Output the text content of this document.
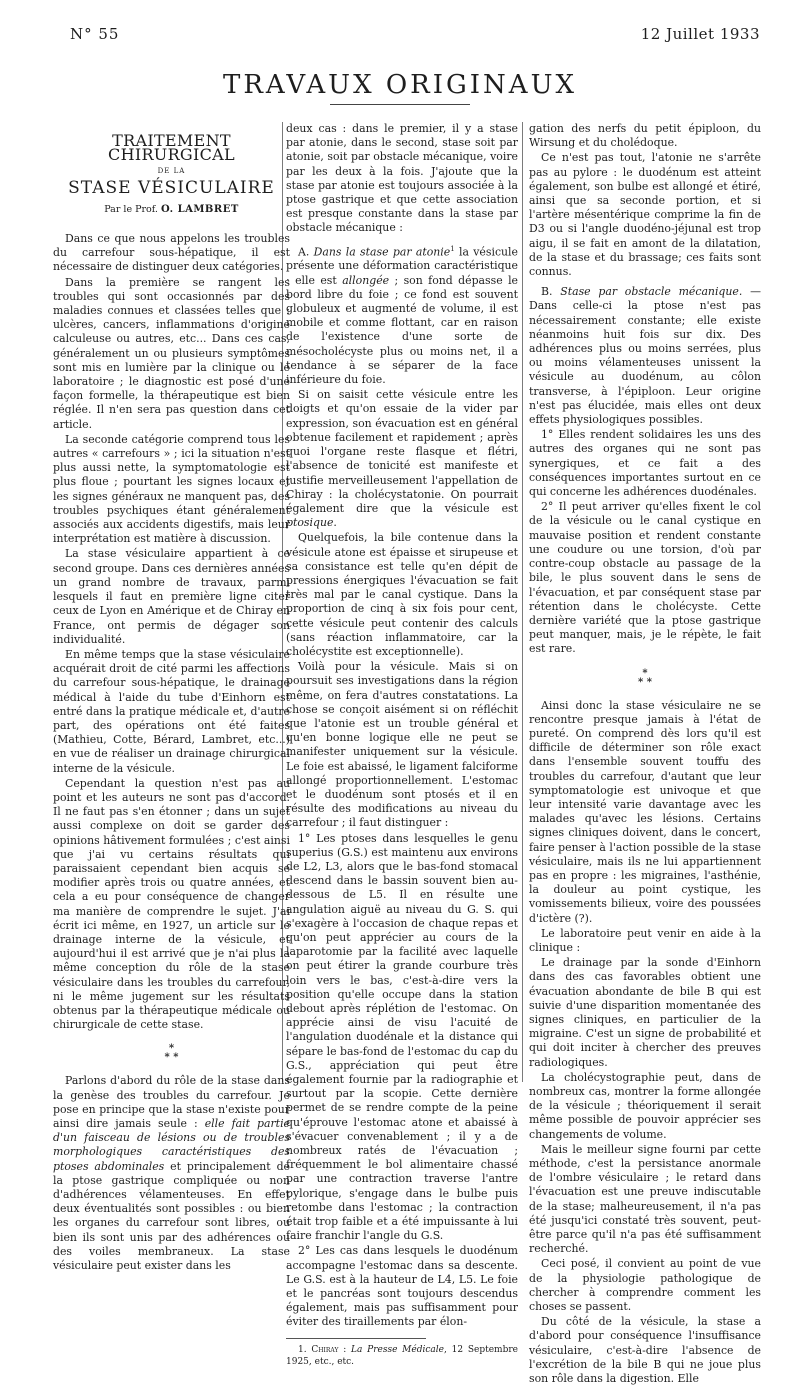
N° 55	12 Juillet 1933
TRAVAUX ORIGINAUX
TRAITEMENT CHIRURGICAL
DE LA
STASE VÉSICULAIRE
Par le Prof. O. LAMBRET

Dans ce que nous appelons les troubles du carrefour sous-hépatique, il est nécessaire de distinguer deux catégories.

Dans la première se rangent les troubles qui sont occasionnés par des maladies connues et classées telles que : ulcères, cancers, inflammations d'origine calculeuse ou autres, etc... Dans ces cas, généralement un ou plusieurs symptômes sont mis en lumière par la clinique ou le laboratoire ; le diagnostic est posé d'une façon formelle, la thérapeutique est bien réglée. Il n'en sera pas question dans cet article.

La seconde catégorie comprend tous les autres « carrefours » ; ici la situation n'est plus aussi nette, la symptomatologie est plus floue ; pourtant les signes locaux et les signes généraux ne manquent pas, des troubles psychiques étant généralement associés aux accidents digestifs, mais leur interprétation est matière à discussion.

La stase vésiculaire appartient à ce second groupe. Dans ces dernières années un grand nombre de travaux, parmi lesquels il faut en première ligne citer ceux de Lyon en Amérique et de Chiray en France, ont permis de dégager son individualité.

En même temps que la stase vésiculaire acquérait droit de cité parmi les affections du carrefour sous-hépatique, le drainage médical à l'aide du tube d'Einhorn est entré dans la pratique médicale et, d'autre part, des opérations ont été faites (Mathieu, Cotte, Bérard, Lambret, etc...) en vue de réaliser un drainage chirurgical interne de la vésicule.

Cependant la question n'est pas au point et les auteurs ne sont pas d'accord. Il ne faut pas s'en étonner ; dans un sujet aussi complexe on doit se garder des opinions hâtivement formulées ; c'est ainsi que j'ai vu certains résultats qui paraissaient cependant bien acquis se modifier après trois ou quatre années, et cela a eu pour conséquence de changer ma manière de comprendre le sujet. J'ai écrit ici même, en 1927, un article sur le drainage interne de la vésicule, et aujourd'hui il est arrivé que je n'ai plus la même conception du rôle de la stase vésiculaire dans les troubles du carrefour, ni le même jugement sur les résultats obtenus par la thérapeutique médicale ou chirurgicale de cette stase.

*
* *

Parlons d'abord du rôle de la stase dans la genèse des troubles du carrefour. Je pose en principe que la stase n'existe pour ainsi dire jamais seule : elle fait partie d'un faisceau de lésions ou de troubles morphologiques caractéristiques des ptoses abdominales et principalement de la ptose gastrique compliquée ou non d'adhérences vélamenteuses. En effet deux éventualités sont possibles : ou bien les organes du carrefour sont libres, ou bien ils sont unis par des adhérences ou des voiles membraneux. La stase vésiculaire peut exister dans les

deux cas : dans le premier, il y a stase par atonie, dans le second, stase soit par atonie, soit par obstacle mécanique, voire par les deux à la fois. J'ajoute que la stase par atonie est toujours associée à la ptose gastrique et que cette association est presque constante dans la stase par obstacle mécanique :

A. Dans la stase par atonie$^1$ la vésicule présente une déformation caractéristique : elle est allongée ; son fond dépasse le bord libre du foie ; ce fond est souvent globuleux et augmenté de volume, il est mobile et comme flottant, car en raison de l'existence d'une sorte de mésocholécyste plus ou moins net, il a tendance à se séparer de la face inférieure du foie.

Si on saisit cette vésicule entre les doigts et qu'on essaie de la vider par expression, son évacuation est en général obtenue facilement et rapidement ; après quoi l'organe reste flasque et flétri, l'absence de tonicité est manifeste et justifie merveilleusement l'appellation de Chiray : la cholécystatonie. On pourrait également dire que la vésicule est ptosique.

Quelquefois, la bile contenue dans la vésicule atone est épaisse et sirupeuse et sa consistance est telle qu'en dépit de pressions énergiques l'évacuation se fait très mal par le canal cystique. Dans la proportion de cinq à six fois pour cent, cette vésicule peut contenir des calculs (sans réaction inflammatoire, car la cholécystite est exceptionnelle).

Voilà pour la vésicule. Mais si on poursuit ses investigations dans la région même, on fera d'autres constatations. La chose se conçoit aisément si on réfléchit que l'atonie est un trouble général et qu'en bonne logique elle ne peut se manifester uniquement sur la vésicule. Le foie est abaissé, le ligament falciforme allongé proportionnellement. L'estomac et le duodénum sont ptosés et il en résulte des modifications au niveau du carrefour ; il faut distinguer :

1° Les ptoses dans lesquelles le genu superius (G.S.) est maintenu aux environs de L2, L3, alors que le bas-fond stomacal descend dans le bassin souvent bien au-dessous de L5. Il en résulte une angulation aiguë au niveau du G. S. qui s'exagère à l'occasion de chaque repas et qu'on peut apprécier au cours de la laparotomie par la facilité avec laquelle on peut étirer la grande courbure très loin vers le bas, c'est-à-dire vers la position qu'elle occupe dans la station debout après réplétion de l'estomac. On apprécie ainsi de visu l'acuité de l'angulation duodénale et la distance qui sépare le bas-fond de l'estomac du cap du G.S., appréciation qui peut être également fournie par la radiographie et surtout par la scopie. Cette dernière permet de se rendre compte de la peine qu'éprouve l'estomac atone et abaissé à s'évacuer convenablement ; il y a de nombreux ratés de l'évacuation ; fréquemment le bol alimentaire chassé par une contraction traverse l'antre pylorique, s'engage dans le bulbe puis retombe dans l'estomac ; la contraction était trop faible et a été impuissante à lui faire franchir l'angle du G.S.

2° Les cas dans lesquels le duodénum accompagne l'estomac dans sa descente. Le G.S. est à la hauteur de L4, L5. Le foie et le pancréas sont toujours descendus également, mais pas suffisamment pour éviter des tiraillements par élon-

1. Chiray : La Presse Médicale, 12 Septembre 1925, etc., etc.

gation des nerfs du petit épiploon, du Wirsung et du cholédoque.

Ce n'est pas tout, l'atonie ne s'arrête pas au pylore : le duodénum est atteint également, son bulbe est allongé et étiré, ainsi que sa seconde portion, et si l'artère mésentérique comprime la fin de D3 ou si l'angle duodéno-jéjunal est trop aigu, il se fait en amont de la dilatation, de la stase et du brassage; ces faits sont connus.

B. Stase par obstacle mécanique. — Dans celle-ci la ptose n'est pas nécessairement constante; elle existe néanmoins huit fois sur dix. Des adhérences plus ou moins serrées, plus ou moins vélamenteuses unissent la vésicule au duodénum, au côlon transverse, à l'épiploon. Leur origine n'est pas élucidée, mais elles ont deux effets physiologiques possibles.

1° Elles rendent solidaires les uns des autres des organes qui ne sont pas synergiques, et ce fait a des conséquences importantes surtout en ce qui concerne les adhérences duodénales.

2° Il peut arriver qu'elles fixent le col de la vésicule ou le canal cystique en mauvaise position et rendent constante une coudure ou une torsion, d'où par contre-coup obstacle au passage de la bile, le plus souvent dans le sens de l'évacuation, et par conséquent stase par rétention dans le cholécyste. Cette dernière variété que la ptose gastrique peut manquer, mais, je le répète, le fait est rare.

*
* *

Ainsi donc la stase vésiculaire ne se rencontre presque jamais à l'état de pureté. On comprend dès lors qu'il est difficile de déterminer son rôle exact dans l'ensemble souvent touffu des troubles du carrefour, d'autant que leur symptomatologie est univoque et que leur intensité varie davantage avec les malades qu'avec les lésions. Certains signes cliniques doivent, dans le concert, faire penser à l'action possible de la stase vésiculaire, mais ils ne lui appartiennent pas en propre : les migraines, l'asthénie, la douleur au point cystique, les vomissements bilieux, voire des poussées d'ictère (?).

Le laboratoire peut venir en aide à la clinique :

Le drainage par la sonde d'Einhorn dans des cas favorables obtient une évacuation abondante de bile B qui est suivie d'une disparition momentanée des signes cliniques, en particulier de la migraine. C'est un signe de probabilité et qui doit inciter à chercher des preuves radiologiques.

La cholécystographie peut, dans de nombreux cas, montrer la forme allongée de la vésicule ; théoriquement il serait même possible de pouvoir apprécier ses changements de volume.

Mais le meilleur signe fourni par cette méthode, c'est la persistance anormale de l'ombre vésiculaire ; le retard dans l'évacuation est une preuve indiscutable de la stase; malheureusement, il n'a pas été jusqu'ici constaté très souvent, peut-être parce qu'il n'a pas été suffisamment recherché.

Ceci posé, il convient au point de vue de la physiologie pathologique de chercher à comprendre comment les choses se passent.

Du côté de la vésicule, la stase a d'abord pour conséquence l'insuffisance vésiculaire, c'est-à-dire l'absence de l'excrétion de la bile B qui ne joue plus son rôle dans la digestion. Elle
